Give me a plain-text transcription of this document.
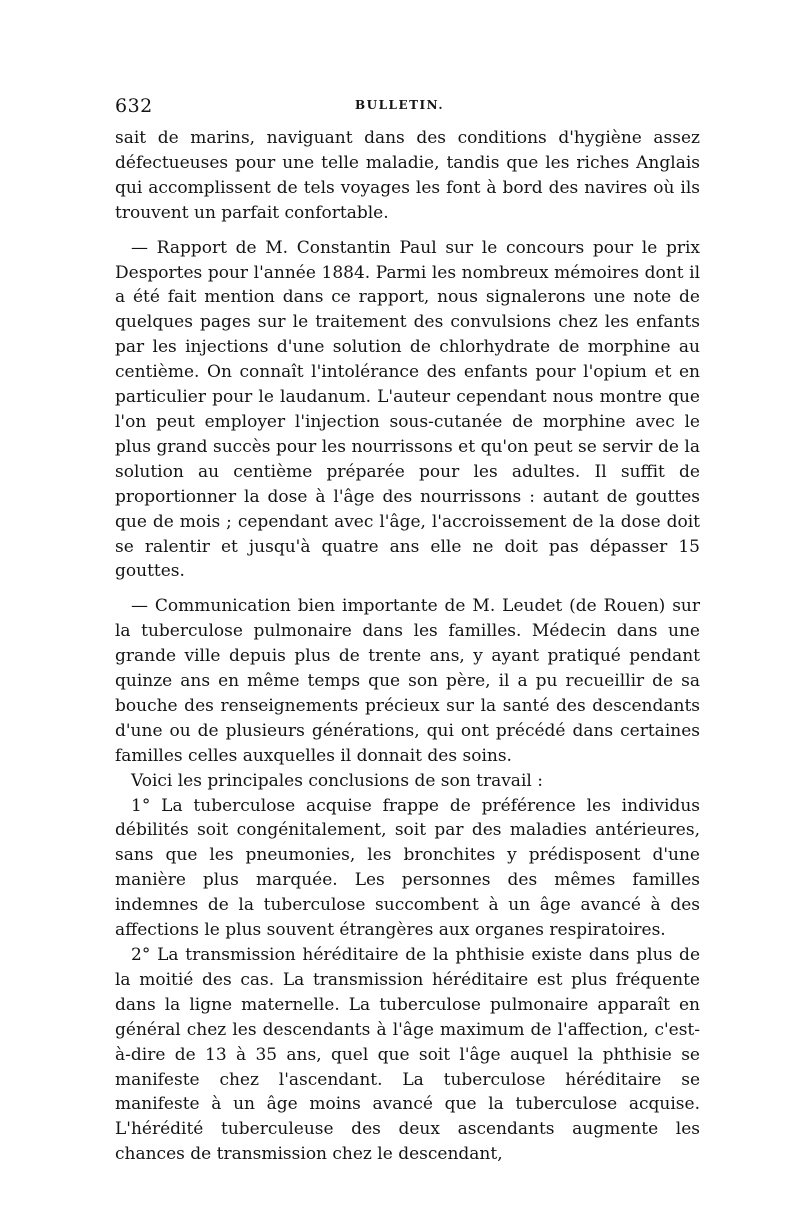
632	BULLETIN.

sait de marins, naviguant dans des conditions d'hygiène assez défectueuses pour une telle maladie, tandis que les riches Anglais qui accomplissent de tels voyages les font à bord des navires où ils trouvent un parfait confortable.

— Rapport de M. Constantin Paul sur le concours pour le prix Desportes pour l'année 1884. Parmi les nombreux mémoires dont il a été fait mention dans ce rapport, nous signalerons une note de quelques pages sur le traitement des convulsions chez les enfants par les injections d'une solution de chlorhydrate de morphine au centième. On connaît l'intolérance des enfants pour l'opium et en particulier pour le laudanum. L'auteur cependant nous montre que l'on peut employer l'injection sous-cutanée de morphine avec le plus grand succès pour les nourrissons et qu'on peut se servir de la solution au centième préparée pour les adultes. Il suffit de proportionner la dose à l'âge des nourrissons : autant de gouttes que de mois ; cependant avec l'âge, l'accroissement de la dose doit se ralentir et jusqu'à quatre ans elle ne doit pas dépasser 15 gouttes.

— Communication bien importante de M. Leudet (de Rouen) sur la tuberculose pulmonaire dans les familles. Médecin dans une grande ville depuis plus de trente ans, y ayant pratiqué pendant quinze ans en même temps que son père, il a pu recueillir de sa bouche des renseignements précieux sur la santé des descendants d'une ou de plusieurs générations, qui ont précédé dans certaines familles celles auxquelles il donnait des soins.

Voici les principales conclusions de son travail :

1° La tuberculose acquise frappe de préférence les individus débilités soit congénitalement, soit par des maladies antérieures, sans que les pneumonies, les bronchites y prédisposent d'une manière plus marquée. Les personnes des mêmes familles indemnes de la tuberculose succombent à un âge avancé à des affections le plus souvent étrangères aux organes respiratoires.

2° La transmission héréditaire de la phthisie existe dans plus de la moitié des cas. La transmission héréditaire est plus fréquente dans la ligne maternelle. La tuberculose pulmonaire apparaît en général chez les descendants à l'âge maximum de l'affection, c'est-à-dire de 13 à 35 ans, quel que soit l'âge auquel la phthisie se manifeste chez l'ascendant. La tuberculose héréditaire se manifeste à un âge moins avancé que la tuberculose acquise. L'hérédité tuberculeuse des deux ascendants augmente les chances de transmission chez le descendant,
